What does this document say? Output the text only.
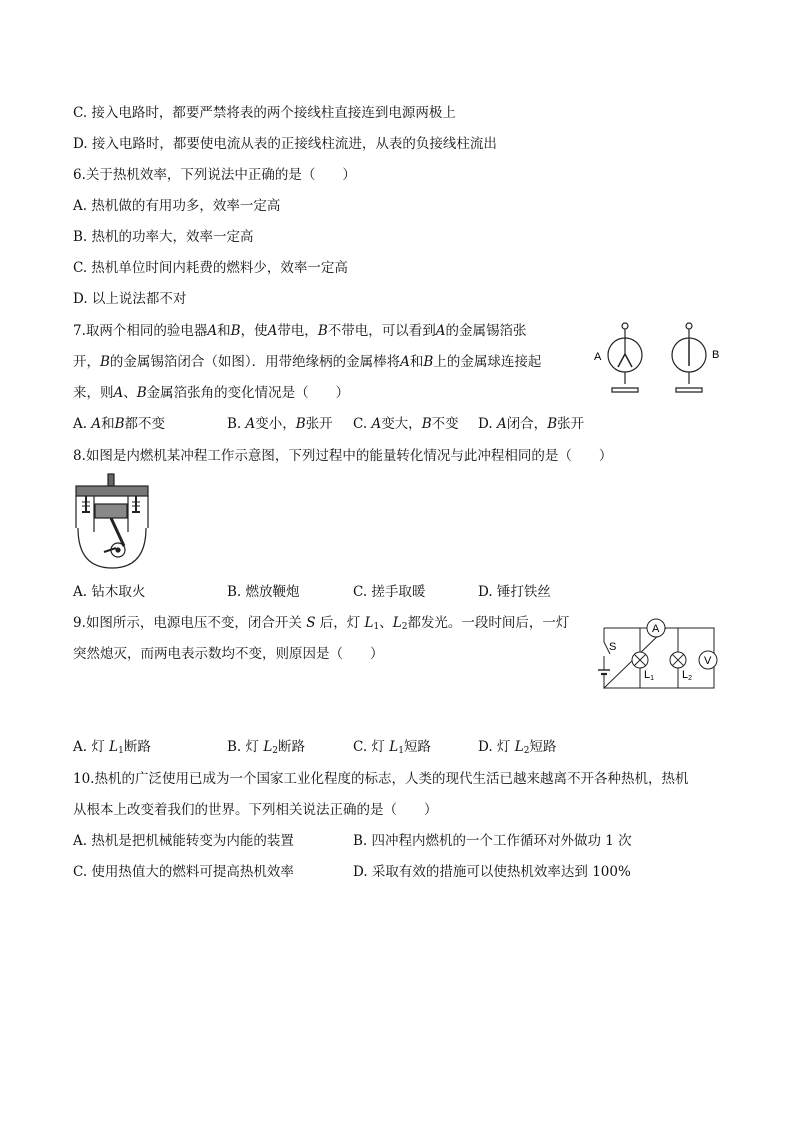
C. 接入电路时，都要严禁将表的两个接线柱直接连到电源两极上
D. 接入电路时，都要使电流从表的正接线柱流进，从表的负接线柱流出
6.关于热机效率，下列说法中正确的是（　　）
A. 热机做的有用功多，效率一定高
B. 热机的功率大，效率一定高
C. 热机单位时间内耗费的燃料少，效率一定高
D. 以上说法都不对
7.取两个相同的验电器A和B，使A带电，B不带电，可以看到A的金属锡箔张
开，B的金属锡箔闭合（如图）．用带绝缘柄的金属棒将A和B上的金属球连接起
来，则A、B金属箔张角的变化情况是（　　）
A. A和B都不变	B. A变小，B张开 C. A变大，B不变 D. A闭合，B张开
A	B
8.如图是内燃机某冲程工作示意图，下列过程中的能量转化情况与此冲程相同的是（　　）
A. 钻木取火	B. 燃放鞭炮	C. 搓手取暖	D. 锤打铁丝
9.如图所示，电源电压不变，闭合开关 S 后，灯 $L_1$、$L_2$都发光。一段时间后，一灯
突然熄灭，而两电表示数均不变，则原因是（　　）	S
A
V
L1	L2
A. 灯 $L_1$断路	B. 灯 $L_2$断路	C. 灯 $L_1$短路	D. 灯 $L_2$短路
10.热机的广泛使用已成为一个国家工业化程度的标志，人类的现代生活已越来越离不开各种热机，热机
从根本上改变着我们的世界。下列相关说法正确的是（　　）
A. 热机是把机械能转变为内能的装置	B. 四冲程内燃机的一个工作循环对外做功 1 次
C. 使用热值大的燃料可提高热机效率	D. 采取有效的措施可以使热机效率达到 100%
